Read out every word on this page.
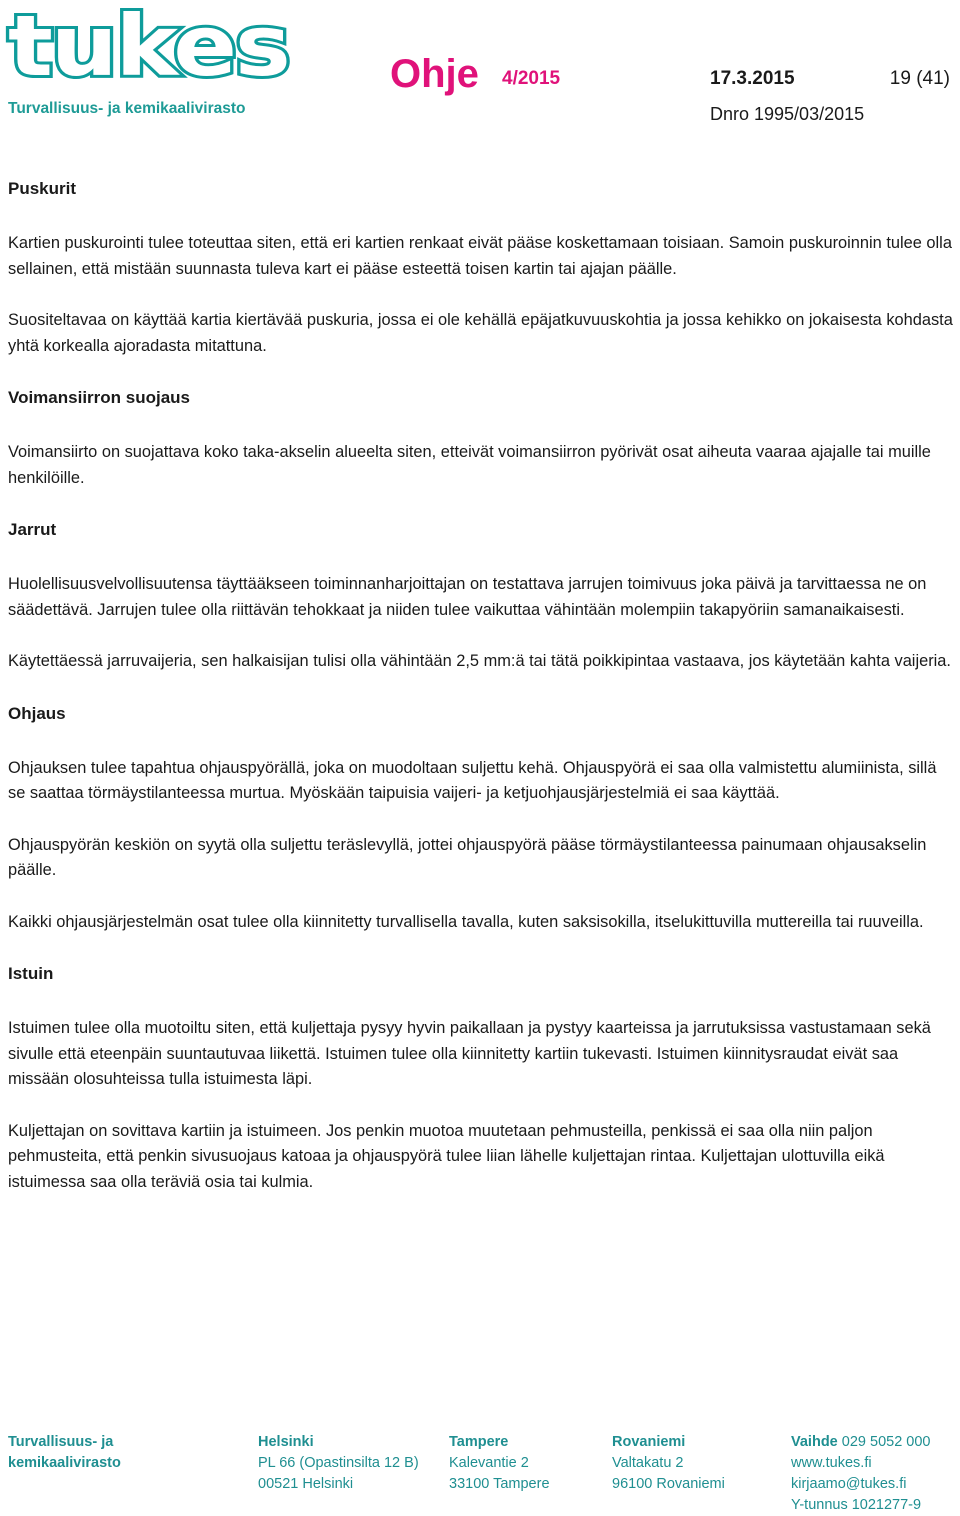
tukes
Turvallisuus- ja kemikaalivirasto
Ohje 4/2015	17.3.2015	19 (41)
Dnro 1995/03/2015
Puskurit

Kartien puskurointi tulee toteuttaa siten, että eri kartien renkaat eivät pääse koskettamaan toisiaan. Samoin puskuroinnin tulee olla sellainen, että mistään suunnasta tuleva kart ei pääse esteettä toisen kartin tai ajajan päälle.

Suositeltavaa on käyttää kartia kiertävää puskuria, jossa ei ole kehällä epäjatkuvuuskohtia ja jossa kehikko on jokaisesta kohdasta yhtä korkealla ajoradasta mitattuna.

Voimansiirron suojaus

Voimansiirto on suojattava koko taka-akselin alueelta siten, etteivät voimansiirron pyörivät osat aiheuta vaaraa ajajalle tai muille henkilöille.

Jarrut

Huolellisuusvelvollisuutensa täyttääkseen toiminnanharjoittajan on testattava jarrujen toimivuus joka päivä ja tarvittaessa ne on säädettävä. Jarrujen tulee olla riittävän tehokkaat ja niiden tulee vaikuttaa vähintään molempiin takapyöriin samanaikaisesti.

Käytettäessä jarruvaijeria, sen halkaisijan tulisi olla vähintään 2,5 mm:ä tai tätä poikkipintaa vastaava, jos käytetään kahta vaijeria.

Ohjaus

Ohjauksen tulee tapahtua ohjauspyörällä, joka on muodoltaan suljettu kehä. Ohjauspyörä ei saa olla valmistettu alumiinista, sillä se saattaa törmäystilanteessa murtua. Myöskään taipuisia vaijeri- ja ketjuohjausjärjestelmiä ei saa käyttää.

Ohjauspyörän keskiön on syytä olla suljettu teräslevyllä, jottei ohjauspyörä pääse törmäystilanteessa painumaan ohjausakselin päälle.

Kaikki ohjausjärjestelmän osat tulee olla kiinnitetty turvallisella tavalla, kuten saksisokilla, itselukittuvilla muttereilla tai ruuveilla.

Istuin

Istuimen tulee olla muotoiltu siten, että kuljettaja pysyy hyvin paikallaan ja pystyy kaarteissa ja jarrutuksissa vastustamaan sekä sivulle että eteenpäin suuntautuvaa liikettä. Istuimen tulee olla kiinnitetty kartiin tukevasti. Istuimen kiinnitysraudat eivät saa missään olosuhteissa tulla istuimesta läpi.

Kuljettajan on sovittava kartiin ja istuimeen. Jos penkin muotoa muutetaan pehmusteilla, penkissä ei saa olla niin paljon pehmusteita, että penkin sivusuojaus katoaa ja ohjauspyörä tulee liian lähelle kuljettajan rintaa. Kuljettajan ulottuvilla eikä istuimessa saa olla teräviä osia tai kulmia.

Turvallisuus- ja
kemikaalivirasto
Helsinki
PL 66 (Opastinsilta 12 B)
00521 Helsinki
Tampere
Kalevantie 2
33100 Tampere
Rovaniemi
Valtakatu 2
96100 Rovaniemi
Vaihde 029 5052 000
www.tukes.fi
kirjaamo@tukes.fi
Y-tunnus 1021277-9
